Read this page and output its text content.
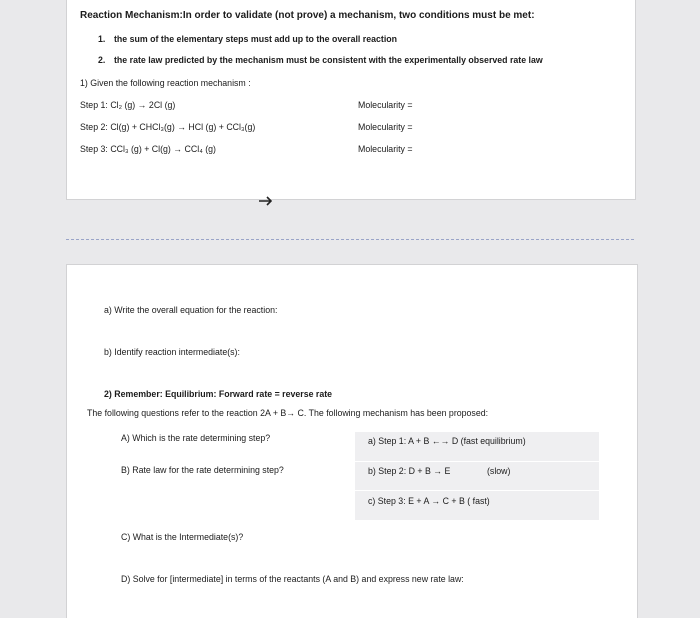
Reaction Mechanism:In order to validate (not prove) a mechanism, two conditions must be met:
1. the sum of the elementary steps must add up to the overall reaction
2. the rate law predicted by the mechanism must be consistent with the experimentally observed rate law
1) Given the following reaction mechanism :
Step 1: Cl₂ (g) → 2Cl (g)	Molecularity =
Step 2: Cl(g) + CHCl₃(g) → HCl (g) + CCl₃(g)	Molecularity =
Step 3: CCl₃ (g) + Cl(g) → CCl₄ (g)	Molecularity =
a) Write the overall equation for the reaction:
b) Identify reaction intermediate(s):
2) Remember: Equilibrium: Forward rate = reverse rate
The following questions refer to the reaction 2A + B→ C. The following mechanism has been proposed:
A) Which is the rate determining step?
B) Rate law for the rate determining step?
C) What is the Intermediate(s)?
D) Solve for [intermediate] in terms of the reactants (A and B) and express new rate law:
a) Step 1: A + B ←→ D (fast equilibrium)
b) Step 2: D + B → E	(slow)
c) Step 3: E + A → C + B ( fast)
